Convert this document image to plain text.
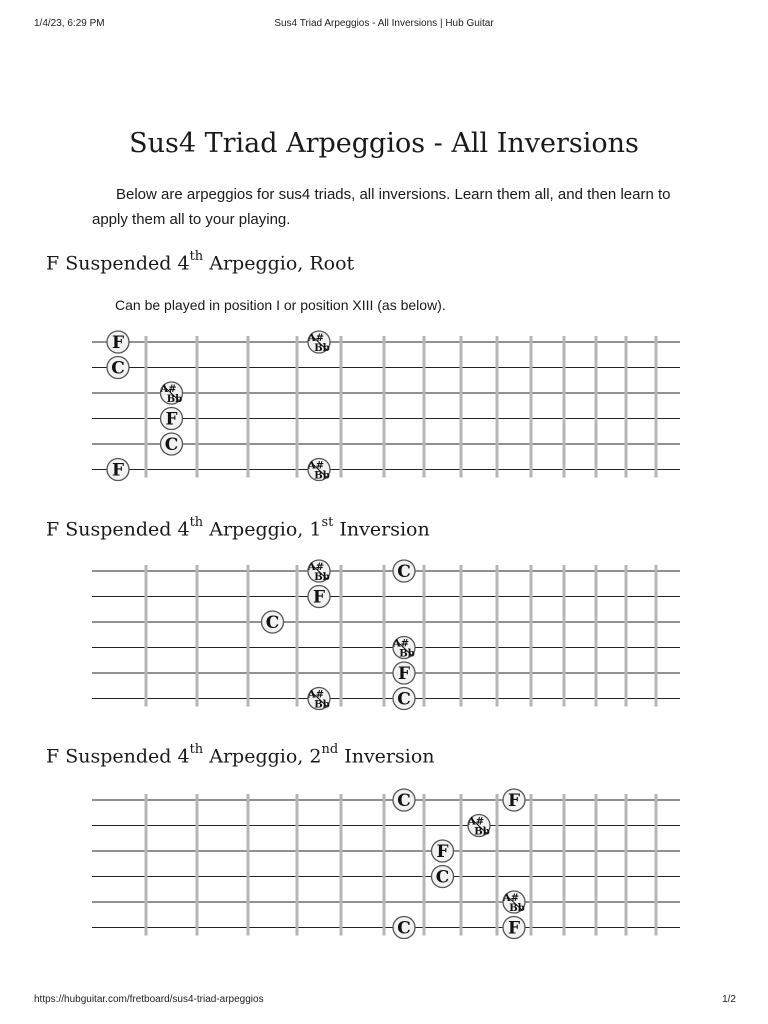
1/4/23, 6:29 PM	Sus4 Triad Arpeggios - All Inversions | Hub Guitar
Sus4 Triad Arpeggios - All Inversions

Below are arpeggios for sus4 triads, all inversions. Learn them all, and then learn to apply them all to your playing.

F Suspended 4th Arpeggio, Root

Can be played in position I or position XIII (as below).

F
C
F
A#
Bb
F
C
A#
Bb
A#
Bb
F Suspended 4th Arpeggio, 1st Inversion
A#
Bb
F
C
A#
Bb
C
A#
Bb
F
C
F Suspended 4th Arpeggio, 2nd Inversion
C
C
F
C
A#
Bb
F
A#
Bb
F
https://hubguitar.com/fretboard/sus4-triad-arpeggios	1/2
